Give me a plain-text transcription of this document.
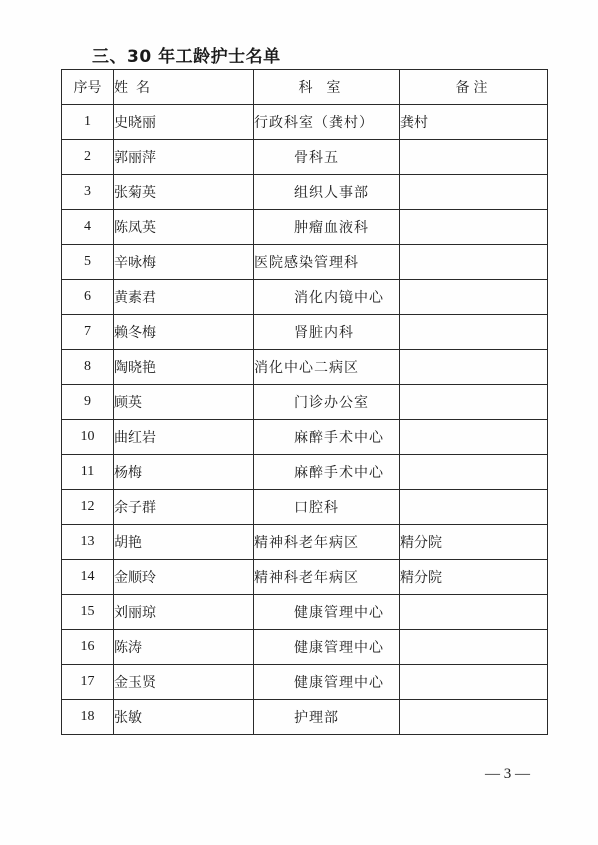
三、30 年工龄护士名单
序号	姓名	科室	备注
1	史晓丽	行政科室（龚村）	龚村
2	郭丽萍	骨科五	
3	张菊英	组织人事部	
4	陈凤英	肿瘤血液科	
5	辛咏梅	医院感染管理科	
6	黄素君	消化内镜中心	
7	赖冬梅	肾脏内科	
8	陶晓艳	消化中心二病区	
9	顾英	门诊办公室	
10	曲红岩	麻醉手术中心	
11	杨梅	麻醉手术中心	
12	余子群	口腔科	
13	胡艳	精神科老年病区	精分院
14	金顺玲	精神科老年病区	精分院
15	刘丽琼	健康管理中心	
16	陈涛	健康管理中心	
17	金玉贤	健康管理中心	
18	张敏	护理部	
— 3 —
